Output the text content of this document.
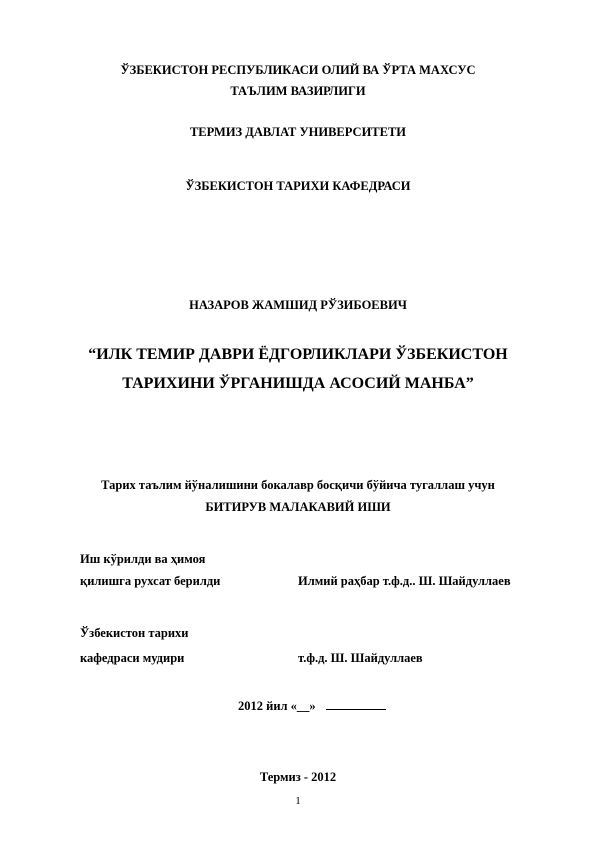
ЎЗБЕКИСТОН РЕСПУБЛИКАСИ ОЛИЙ ВА ЎРТА МАХСУС
ТАЪЛИМ ВАЗИРЛИГИ
ТЕРМИЗ ДАВЛАТ УНИВЕРСИТЕТИ
ЎЗБЕКИСТОН ТАРИХИ КАФЕДРАСИ
НАЗАРОВ ЖАМШИД РЎЗИБОЕВИЧ
“ИЛК ТЕМИР ДАВРИ ЁДГОРЛИКЛАРИ ЎЗБЕКИСТОН
ТАРИХИНИ ЎРГАНИШДА АСОСИЙ МАНБА”
Тарих таълим йўналишини бокалавр босқичи бўйича тугаллаш учун
БИТИРУВ МАЛАКАВИЙ ИШИ
Иш кўрилди ва ҳимоя
қилишга рухсат берилди	Илмий раҳбар т.ф.д.. Ш. Шайдуллаев
Ўзбекистон тарихи
кафедраси мудири	т.ф.д. Ш. Шайдуллаев
2012 йил «__»
Термиз - 2012
1
